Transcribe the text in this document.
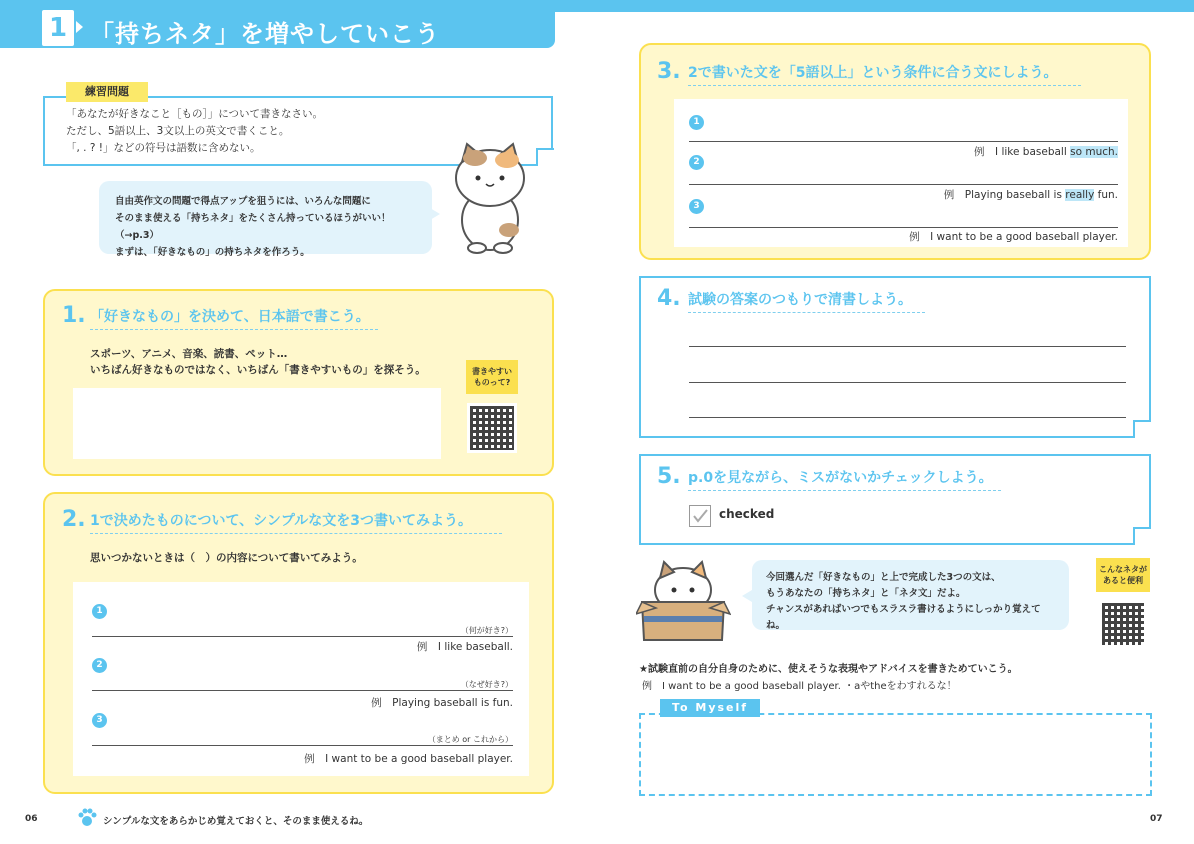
1 「持ちネタ」を増やしていこう
練習問題
「あなたが好きなこと［もの］」について書きなさい。
ただし、5語以上、3文以上の英文で書くこと。
「, . ? !」などの符号は語数に含めない。
自由英作文の問題で得点アップを狙うには、いろんな問題に
そのまま使える「持ちネタ」をたくさん持っているほうがいい！（→p.3）
まずは、「好きなもの」の持ちネタを作ろう。
1. 「好きなもの」を決めて、日本語で書こう。
スポーツ、アニメ、音楽、読書、ペット…
いちばん好きなものではなく、いちばん「書きやすいもの」を探そう。	書きやすい
ものって?
2. 1で決めたものについて、シンプルな文を3つ書いてみよう。
思いつかないときは（　）の内容について書いてみよう。
1
（何が好き?）
例　I like baseball.
2
（なぜ好き?）
例　Playing baseball is fun.
3
（まとめ or これから）
例　I want to be a good baseball player.
06	シンプルな文をあらかじめ覚えておくと、そのまま使えるね。
3. 2で書いた文を「5語以上」という条件に合う文にしよう。
1
例　I like baseball so much.
2
例　Playing baseball is really fun.
3
例　I want to be a good baseball player.
4. 試験の答案のつもりで清書しよう。
5. p.0を見ながら、ミスがないかチェックしよう。
checked
今回選んだ「好きなもの」と上で完成した3つの文は、
もうあなたの「持ちネタ」と「ネタ文」だよ。
チャンスがあればいつでもスラスラ書けるようにしっかり覚えてね。
こんなネタが
あると便利
★試験直前の自分自身のために、使えそうな表現やアドバイスを書きためていこう。
例　I want to be a good baseball player. ・aやtheをわすれるな！
To Myself
07
